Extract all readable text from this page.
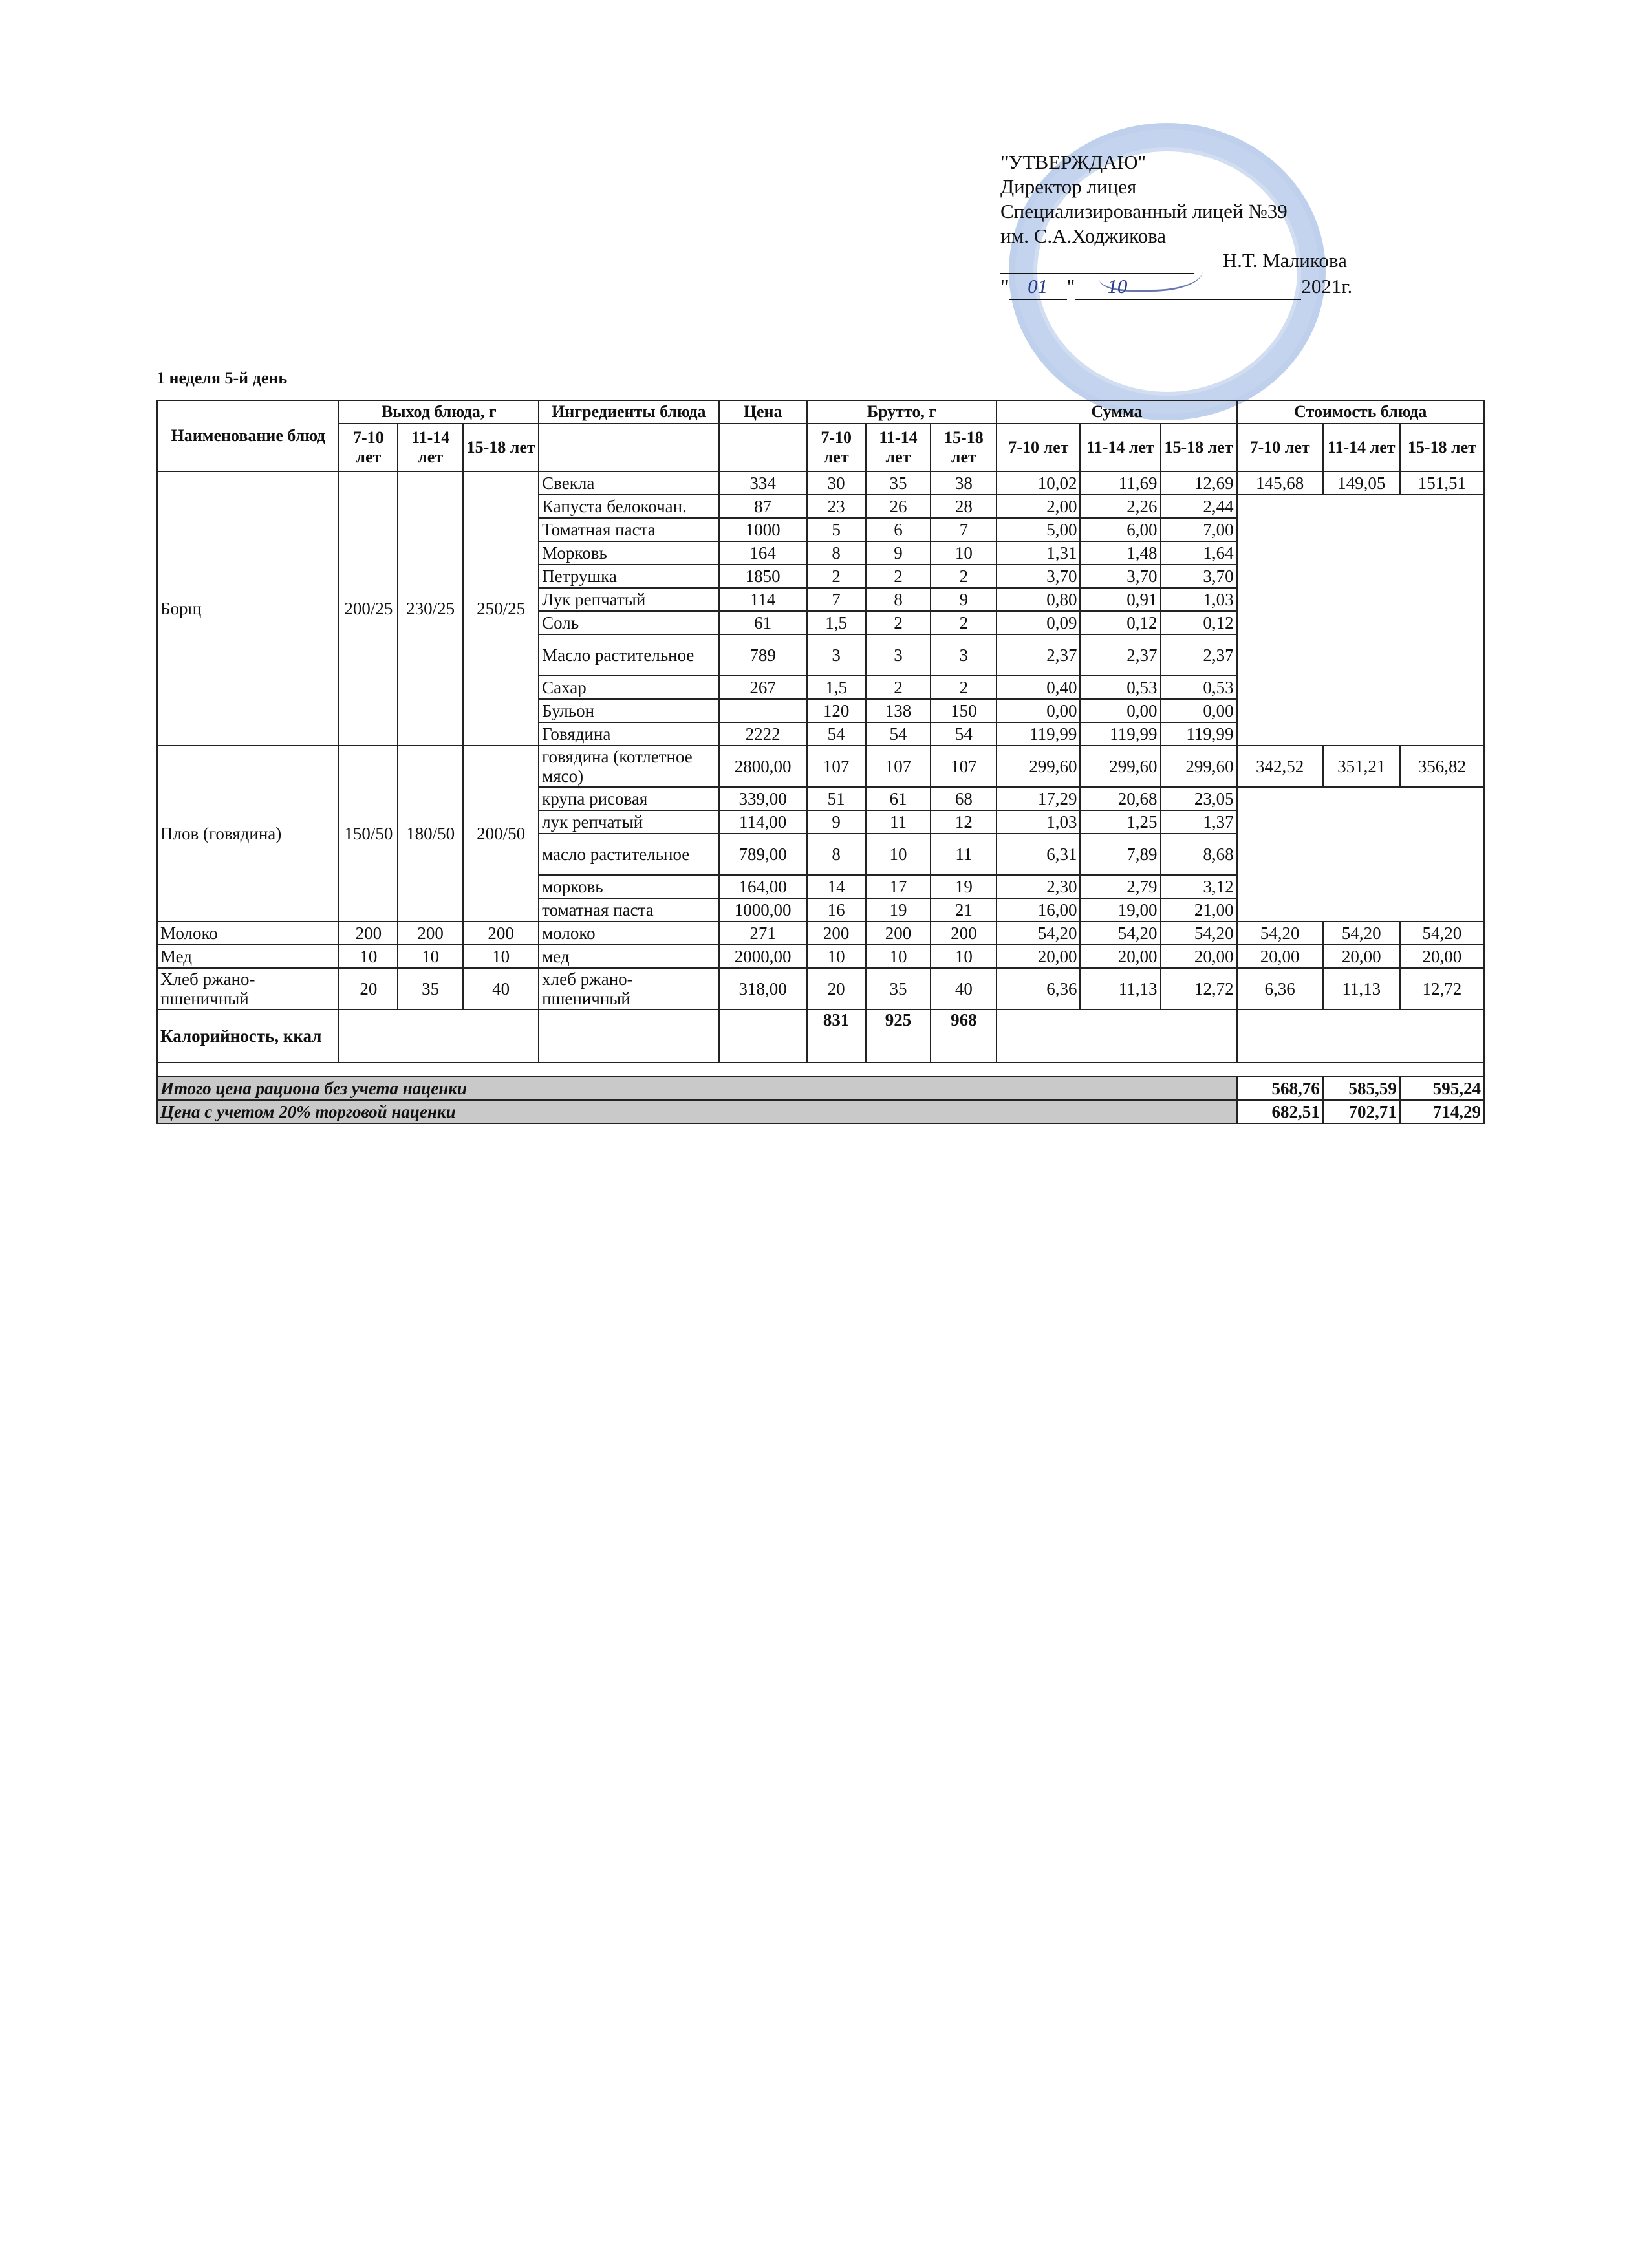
"УТВЕРЖДАЮ"
Директор лицея
Специализированный лицей №39
им. С.А.Ходжикова
Н.Т. Маликова
" 01 " 10	2021г.
1 неделя 5-й день
Наименование блюд	Выход блюда, г			Ингредиенты блюда	Цена	Брутто, г			Сумма			Стоимость блюда		
	7-10 лет	11-14 лет	15-18 лет			7-10 лет	11-14 лет	15-18 лет	7-10 лет	11-14 лет	15-18 лет	7-10 лет	11-14 лет	15-18 лет
Борщ	200/25	230/25	250/25	Свекла	334	30	35	38	10,02	11,69	12,69	145,68	149,05	151,51
				Капуста белокочан.	87	23	26	28	2,00	2,26	2,44			
				Томатная паста	1000	5	6	7	5,00	6,00	7,00			
				Морковь	164	8	9	10	1,31	1,48	1,64			
				Петрушка	1850	2	2	2	3,70	3,70	3,70			
				Лук репчатый	114	7	8	9	0,80	0,91	1,03			
				Соль	61	1,5	2	2	0,09	0,12	0,12			
				Масло растительное	789	3	3	3	2,37	2,37	2,37			
				Сахар	267	1,5	2	2	0,40	0,53	0,53			
				Бульон		120	138	150	0,00	0,00	0,00			
				Говядина	2222	54	54	54	119,99	119,99	119,99			
Плов (говядина)	150/50	180/50	200/50	говядина (котлетное мясо)	2800,00	107	107	107	299,60	299,60	299,60	342,52	351,21	356,82
				крупа рисовая	339,00	51	61	68	17,29	20,68	23,05			
				лук репчатый	114,00	9	11	12	1,03	1,25	1,37			
				масло растительное	789,00	8	10	11	6,31	7,89	8,68			
				морковь	164,00	14	17	19	2,30	2,79	3,12			
				томатная паста	1000,00	16	19	21	16,00	19,00	21,00			
Молоко	200	200	200	молоко	271	200	200	200	54,20	54,20	54,20	54,20	54,20	54,20
Мед	10	10	10	мед	2000,00	10	10	10	20,00	20,00	20,00	20,00	20,00	20,00
Хлеб ржано-пшеничный	20	35	40	хлеб ржано-пшеничный	318,00	20	35	40	6,36	11,13	12,72	6,36	11,13	12,72
Калорийность, ккал						831	925	968						

Итого цена рациона без учета наценки												568,76	585,59	595,24
Цена с учетом 20% торговой наценки												682,51	702,71	714,29
